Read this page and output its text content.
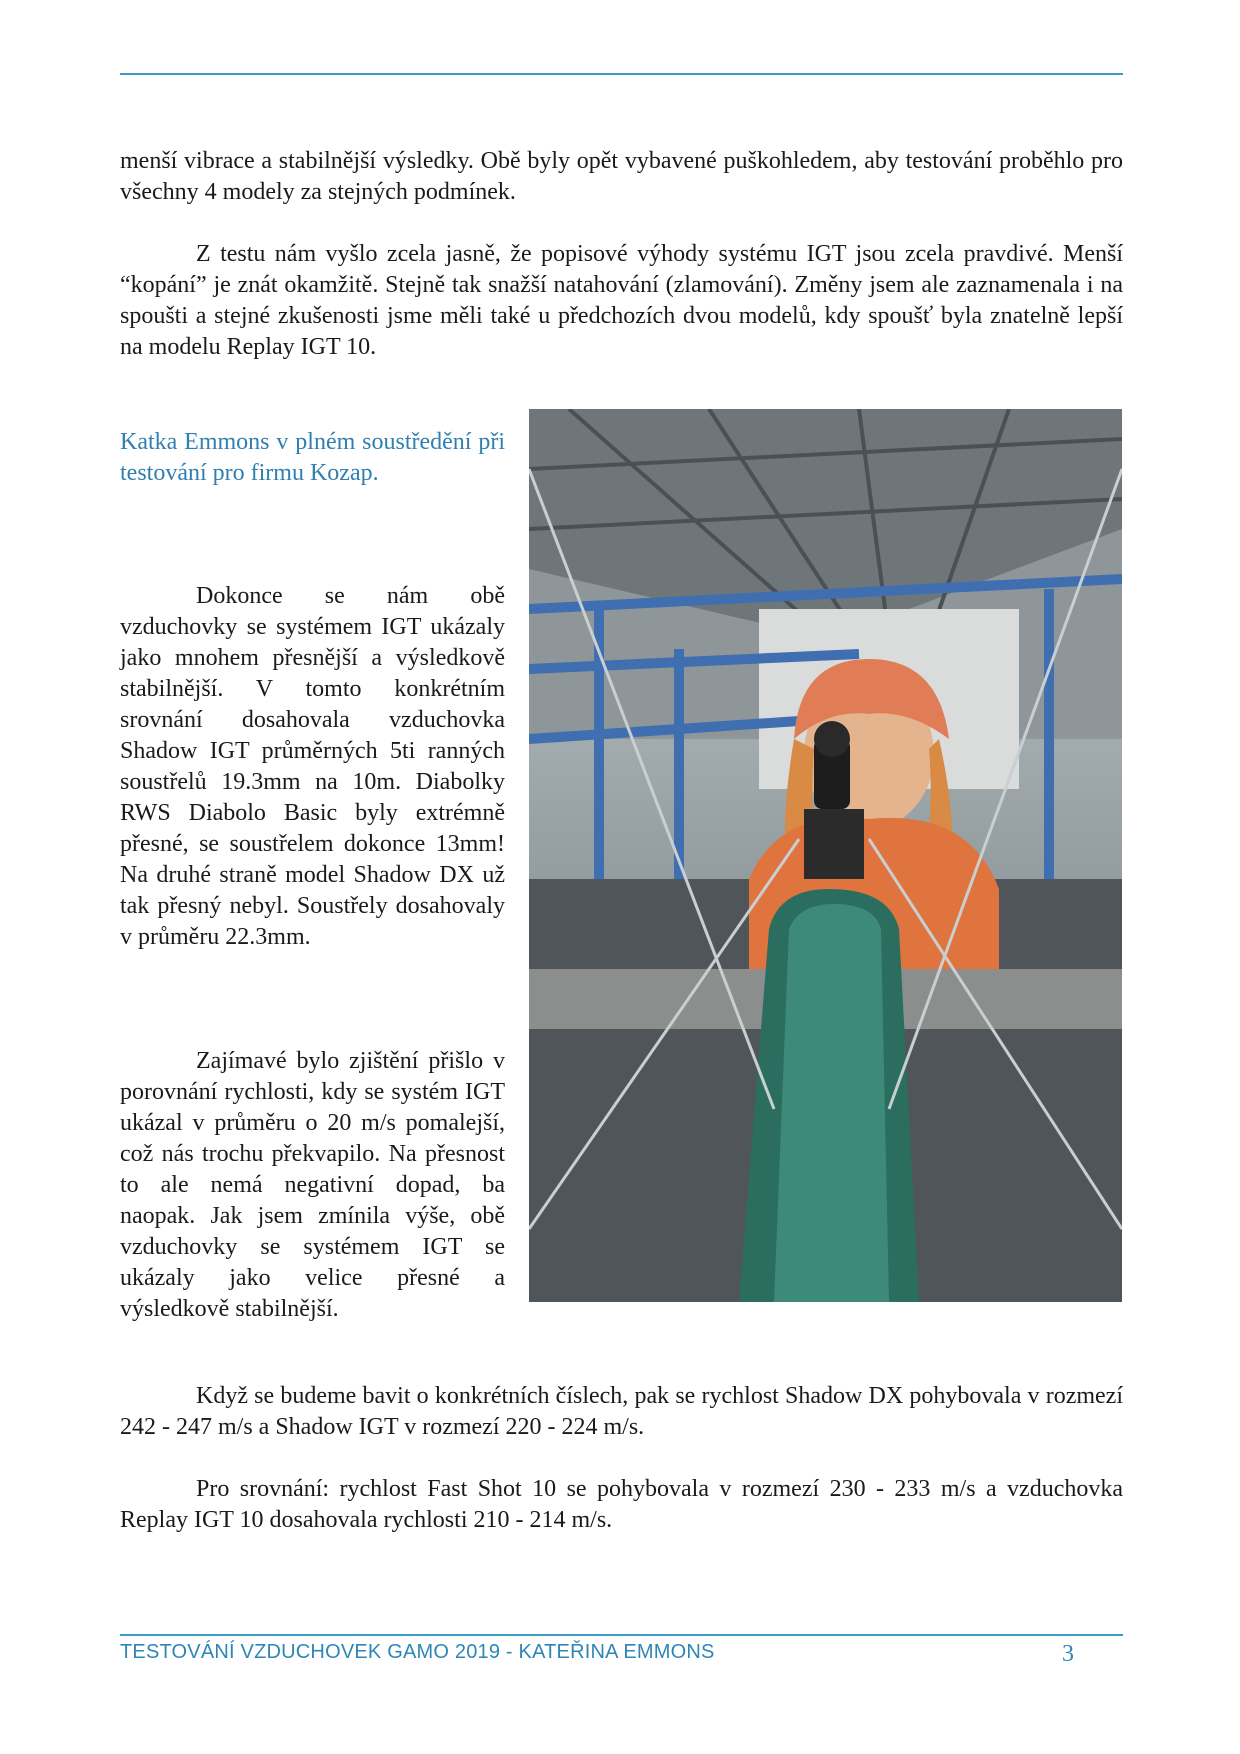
menší vibrace a stabilnější výsledky. Obě byly opět vybavené puškohledem, aby testování proběhlo pro všechny 4 modely za stejných podmínek.

Z testu nám vyšlo zcela jasně, že popisové výhody systému IGT jsou zcela pravdivé. Menší “kopání” je znát okamžitě. Stejně tak snažší natahování (zlamování). Změny jsem ale zaznamenala i na spoušti a stejné zkušenosti jsme měli také u předchozích dvou modelů, kdy spoušť byla znatelně lepší na modelu Replay IGT 10.

Katka Emmons v plném soustředění při testování pro firmu Kozap.

Dokonce se nám obě vzduchovky se systémem IGT ukázaly jako mnohem přesnější a výsledkově stabilnější. V tomto konkrétním srovnání dosahovala vzduchovka Shadow IGT průměrných 5ti ranných soustřelů 19.3mm na 10m. Diabolky RWS Diabolo Basic byly extrémně přesné, se soustřelem dokonce 13mm! Na druhé straně model Shadow DX už tak přesný nebyl. Soustřely dosahovaly v průměru 22.3mm.

Zajímavé bylo zjištění přišlo v porovnání rychlosti, kdy se systém IGT ukázal v průměru o 20 m/s pomalejší, což nás trochu překvapilo. Na přesnost to ale nemá negativní dopad, ba naopak. Jak jsem zmínila výše, obě vzduchovky se systémem IGT se ukázaly jako velice přesné a výsledkově stabilnější.

Když se budeme bavit o konkrétních číslech, pak se rychlost Shadow DX pohybovala v rozmezí 242 - 247 m/s a Shadow IGT v rozmezí 220 - 224 m/s.

Pro srovnání: rychlost Fast Shot 10 se pohybovala v rozmezí 230 - 233 m/s a vzduchovka Replay IGT 10 dosahovala rychlosti 210 - 214 m/s.

TESTOVÁNÍ VZDUCHOVEK GAMO 2019 - KATEŘINA EMMONS	3
